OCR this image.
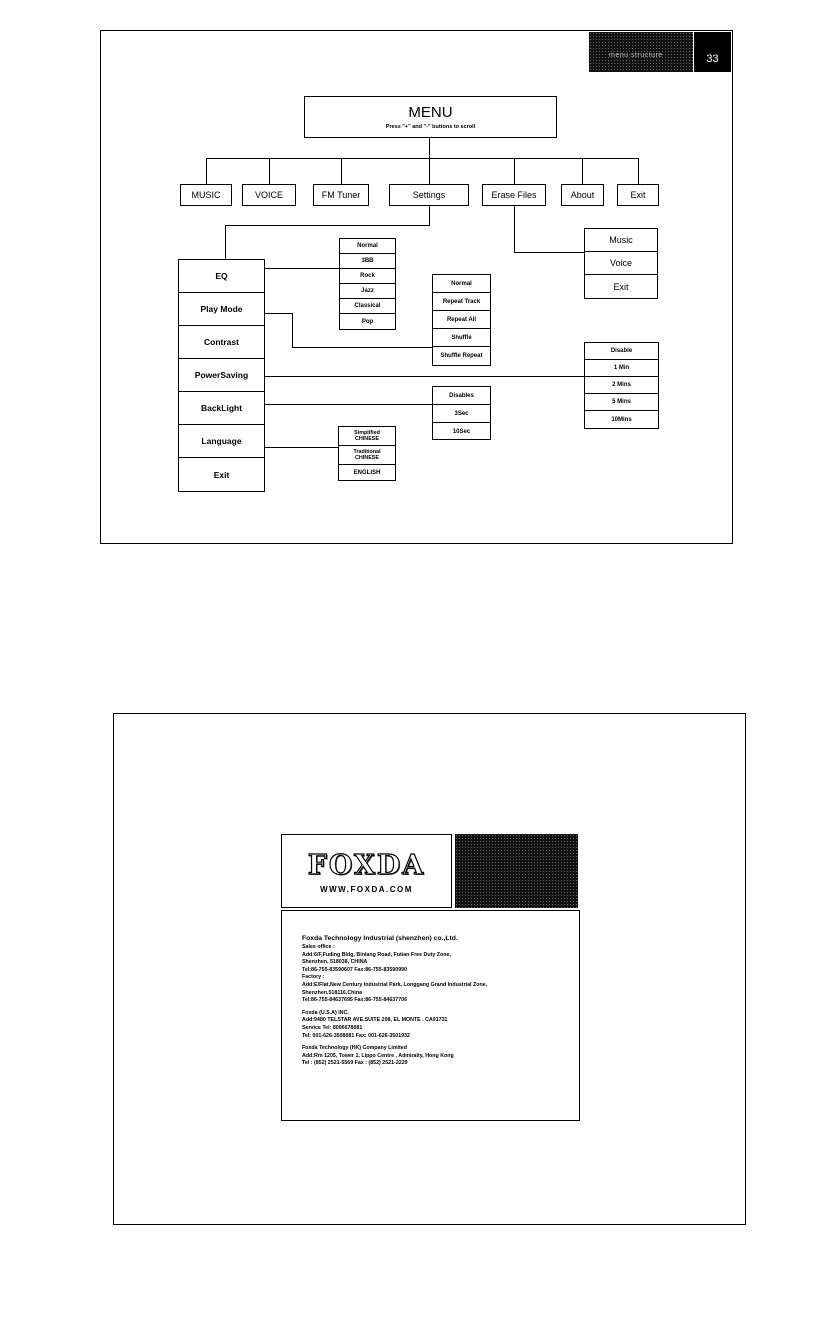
menu structure	33
MENU
Press "+" and "-" buttons to scroll
MUSIC	VOICE	FM Tuner	Settings	Erase Files	About	Exit
Music
Voice
Exit
EQ
Play Mode
Contrast
PowerSaving
BackLight
Language
Exit
Normal
3BB
Rock
Jazz
Classical
Pop
Normal
Repeat Track
Repeat All
Shuffle
Shuffle Repeat
Disable
1 Min
2 Mins
5 Mins
10Mins
Disables
3Sec
10Sec
Simplified
CHINESE
Traditional
CHINESE
ENGLISH
FOXDA
WWW.FOXDA.COM

Foxda Technology Industrial (shenzhen) co.,Ltd.

Sales office :

Add:6/F,Fuding Bldg, Binlang Road, Futian Free Duty Zone,

Shenzhen, 518038, CHINA

Tel:86-755-83590607 Fax:86-755-83590990

Factory :

Add:E/Flat,New Century Industrial Park, Longgang Grand Industrial Zone,

Shenzhen,518116,China

Tel:86-755-84637695 Fax:86-755-84637706

Foxda (U.S.A) INC.

Add:9480 TELSTAR AVE.SUITE 208, EL MONTE . CA91731

Service Tel: 8006678081

Tel: 001-626-3508081 Fax: 001-626-3501932

Foxda Technology (HK) Company Limited

Add:Rm 1205, Tower 1, Lippo Centre , Admiralty, Hong Kong

Tel : (852) 2521-5569 Fax : (852) 2521-2229
